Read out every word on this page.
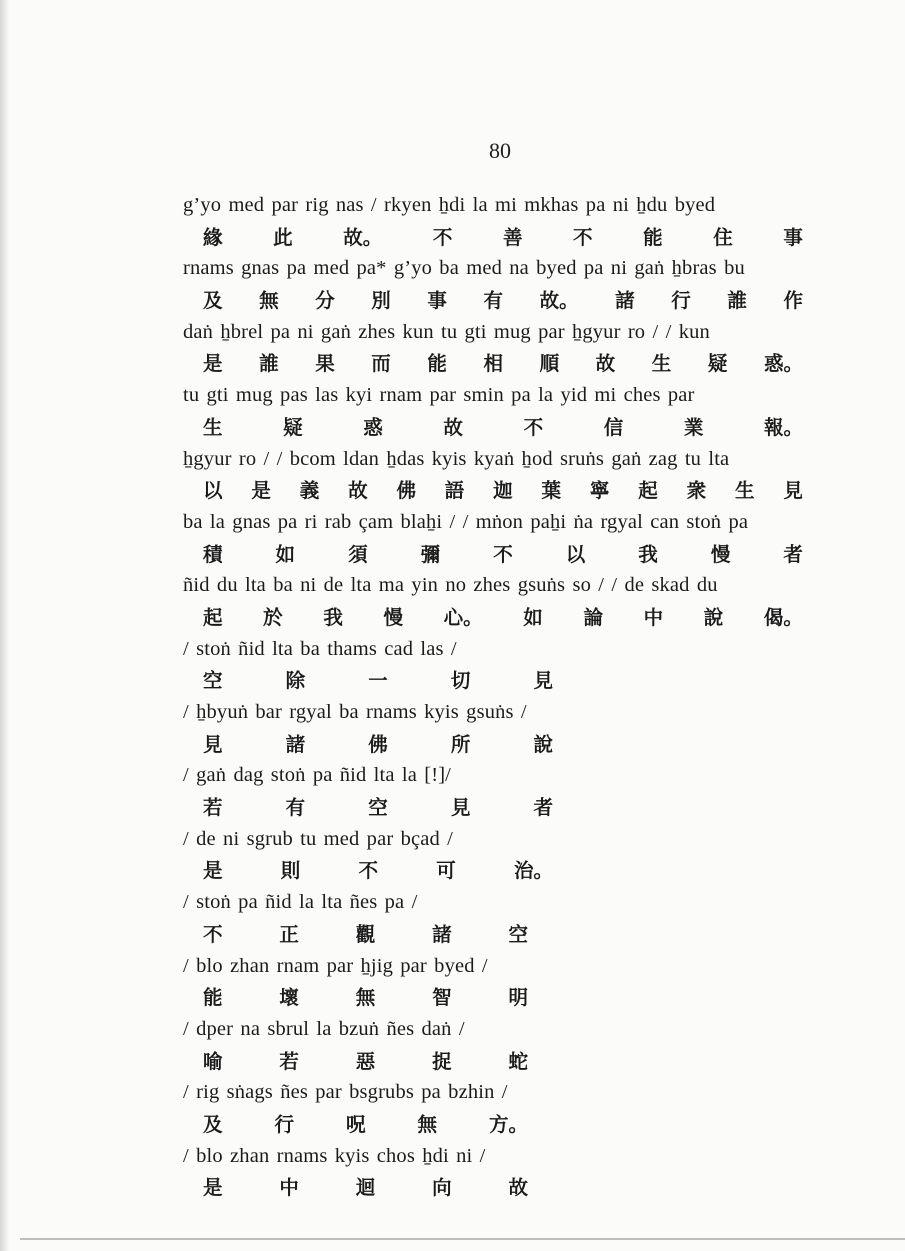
80
g’yo med par rig nas / rkyen ẖdi la mi mkhas pa ni ẖdu byed
緣	此	故。	不	善	不	能	住	事
rnams gnas pa med pa* g’yo ba med na byed pa ni gaṅ ẖbras bu
及 無 分 別 事 有 故。 諸 行 誰 作
daṅ ẖbrel pa ni gaṅ zhes kun tu gti mug par ẖgyur ro / / kun
是 誰 果 而 能 相 順 故 生 疑 惑。
tu gti mug pas las kyi rnam par smin pa la yid mi ches par
生	疑	惑	故	不	信	業	報。
ẖgyur ro / / bcom ldan ẖdas kyis kyaṅ ẖod sruṅs gaṅ zag tu lta
以 是 義 故 佛 語 迦 葉 寧 起 衆 生 見
ba la gnas pa ri rab çam blaẖi / / mṅon paẖi ṅa rgyal can stoṅ pa
積	如	須	彌	不	以	我	慢	者
ñid du lta ba ni de lta ma yin no zhes gsuṅs so / / de skad du
起 於 我 慢 心。 如 論 中 說 偈。
/ stoṅ ñid lta ba thams cad las /
空	除	一	切	見
/ ẖbyuṅ bar rgyal ba rnams kyis gsuṅs /
見	諸	佛	所	說
/ gaṅ dag stoṅ pa ñid lta la [!]/
若	有	空	見	者
/ de ni sgrub tu med par bçad /
是	則	不	可	治。
/ stoṅ pa ñid la lta ñes pa /
不	正	觀	諸	空
/ blo zhan rnam par ẖjig par byed /
能	壞	無	智	明
/ dper na sbrul la bzuṅ ñes daṅ /
喻	若	惡	捉	蛇
/ rig sṅags ñes par bsgrubs pa bzhin /
及	行	呪	無	方。
/ blo zhan rnams kyis chos ẖdi ni /
是	中	迴	向	故
